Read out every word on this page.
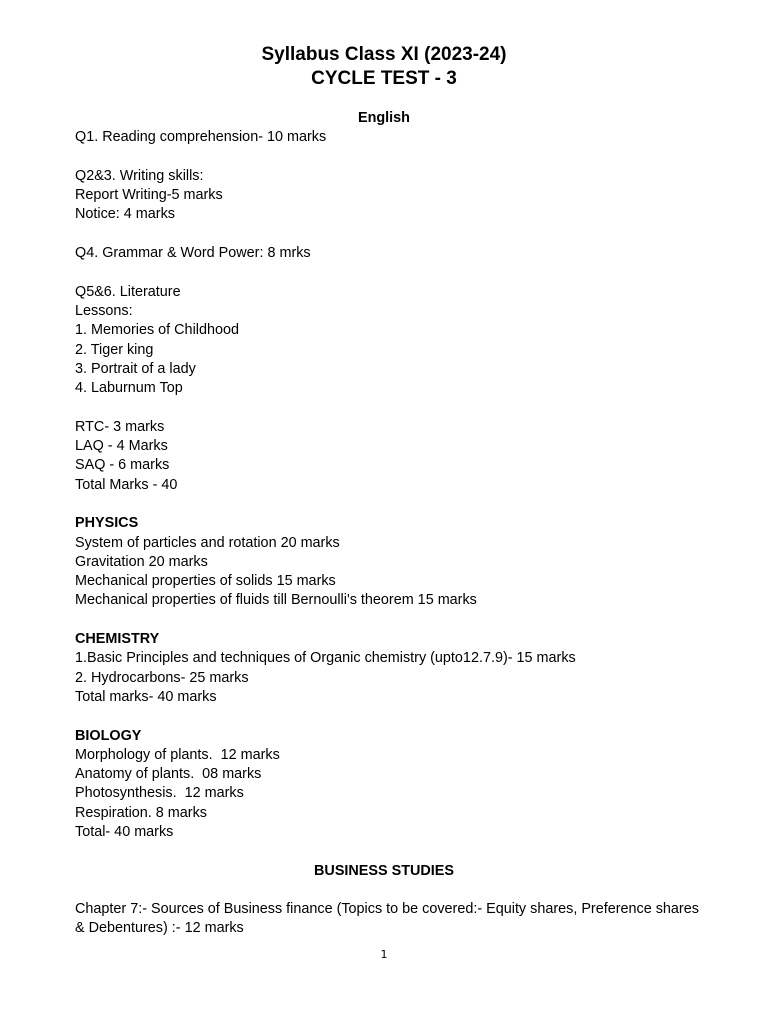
Syllabus Class XI (2023-24)
CYCLE TEST - 3
English
Q1. Reading comprehension- 10 marks
Q2&3. Writing skills:
Report Writing-5 marks
Notice: 4 marks
Q4. Grammar & Word Power: 8 mrks
Q5&6. Literature
Lessons:
1. Memories of Childhood
2. Tiger king
3. Portrait of a lady
4. Laburnum Top
RTC- 3 marks
LAQ - 4 Marks
SAQ - 6 marks
Total Marks - 40
PHYSICS
System of particles and rotation 20 marks
Gravitation 20 marks
Mechanical properties of solids 15 marks
Mechanical properties of fluids till Bernoulli's theorem 15 marks
CHEMISTRY
1.Basic Principles and techniques of Organic chemistry (upto12.7.9)- 15 marks
2. Hydrocarbons- 25 marks
Total marks- 40 marks
BIOLOGY
Morphology of plants.  12 marks
Anatomy of plants.  08 marks
Photosynthesis.  12 marks
Respiration. 8 marks
Total- 40 marks
BUSINESS STUDIES
Chapter 7:- Sources of Business finance (Topics to be covered:- Equity shares, Preference shares & Debentures) :- 12 marks
1
